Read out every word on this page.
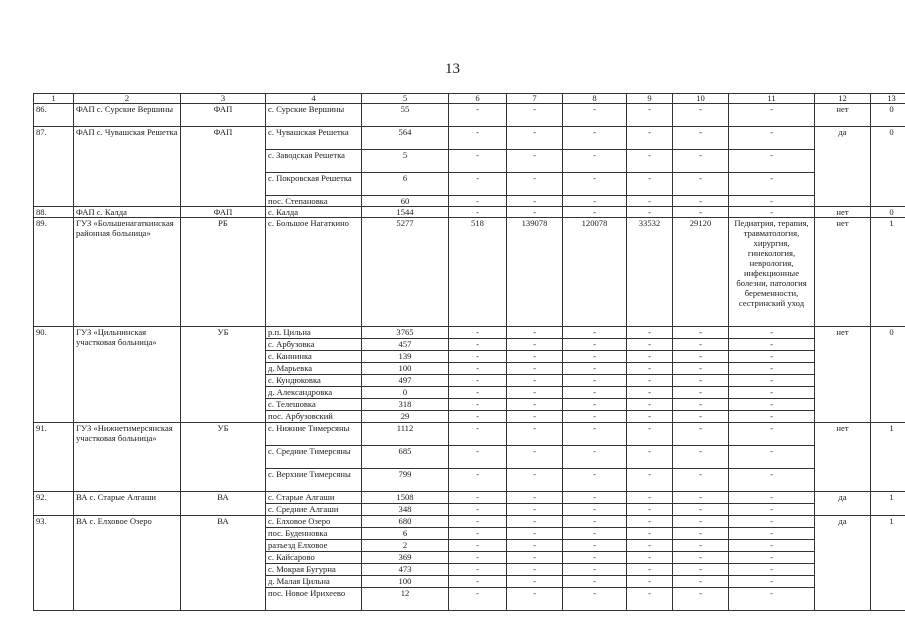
13
1	2	3	4	5	6	7	8	9	10	11	12	13
86.	ФАП с. Сурские Вершины	ФАП	с. Сурские Вершины	55	-	-	-	-	-	-	нет	0
87.	ФАП с. Чувашская Решетка	ФАП	с. Чувашская Решетка	564	-	-	-	-	-	-	да	0
			с. Заводская Решетка	5	-	-	-	-	-	-		
			с. Покровская Решетка	6	-	-	-	-	-	-		
			пос. Степановка	60	-	-	-	-	-	-		
88.	ФАП с. Калда	ФАП	с. Калда	1544	-	-	-	-	-	-	нет	0
89.	ГУЗ «Большенагаткинская районная больница»	РБ	с. Большое Нагаткино	5277	518	139078	120078	33532	29120	Педиатрия, терапия, травматология, хирургия, гинекология, неврология, инфекционные болезни, патология беременности, сестринский уход	нет	1
90.	ГУЗ «Цильнинская участковая больница»	УБ	р.п. Цильна	3765	-	-	-	-	-	-	нет	0
			с. Арбузовка	457	-	-	-	-	-	-		
			с. Каннинка	139	-	-	-	-	-	-		
			д. Марьевка	100	-	-	-	-	-	-		
			с. Кундюковка	497	-	-	-	-	-	-		
			д. Александровка	0	-	-	-	-	-	-		
			с. Телешовка	318	-	-	-	-	-	-		
			пос. Арбузовский	29	-	-	-	-	-	-		
91.	ГУЗ «Нижнетимерсянская участковая больница»	УБ	с. Нижние Тимерсяны	1112	-	-	-	-	-	-	нет	1
			с. Средние Тимерсяны	685	-	-	-	-	-	-		
			с. Верхние Тимерсяны	799	-	-	-	-	-	-		
92.	ВА с. Старые Алгаши	ВА	с. Старые Алгаши	1508	-	-	-	-	-	-	да	1
			с. Средние Алгаши	348	-	-	-	-	-	-		
93.	ВА с. Елховое Озеро	ВА	с. Елховое Озеро	680	-	-	-	-	-	-	да	1
			пос. Буденновка	6	-	-	-	-	-	-		
			разъезд Елховое	2	-	-	-	-	-	-		
			с. Кайсарово	369	-	-	-	-	-	-		
			с. Мокрая Бугурна	473	-	-	-	-	-	-		
			д. Малая Цильна	100	-	-	-	-	-	-		
			пос. Новое Ирихеево	12	-	-	-	-	-	-		
